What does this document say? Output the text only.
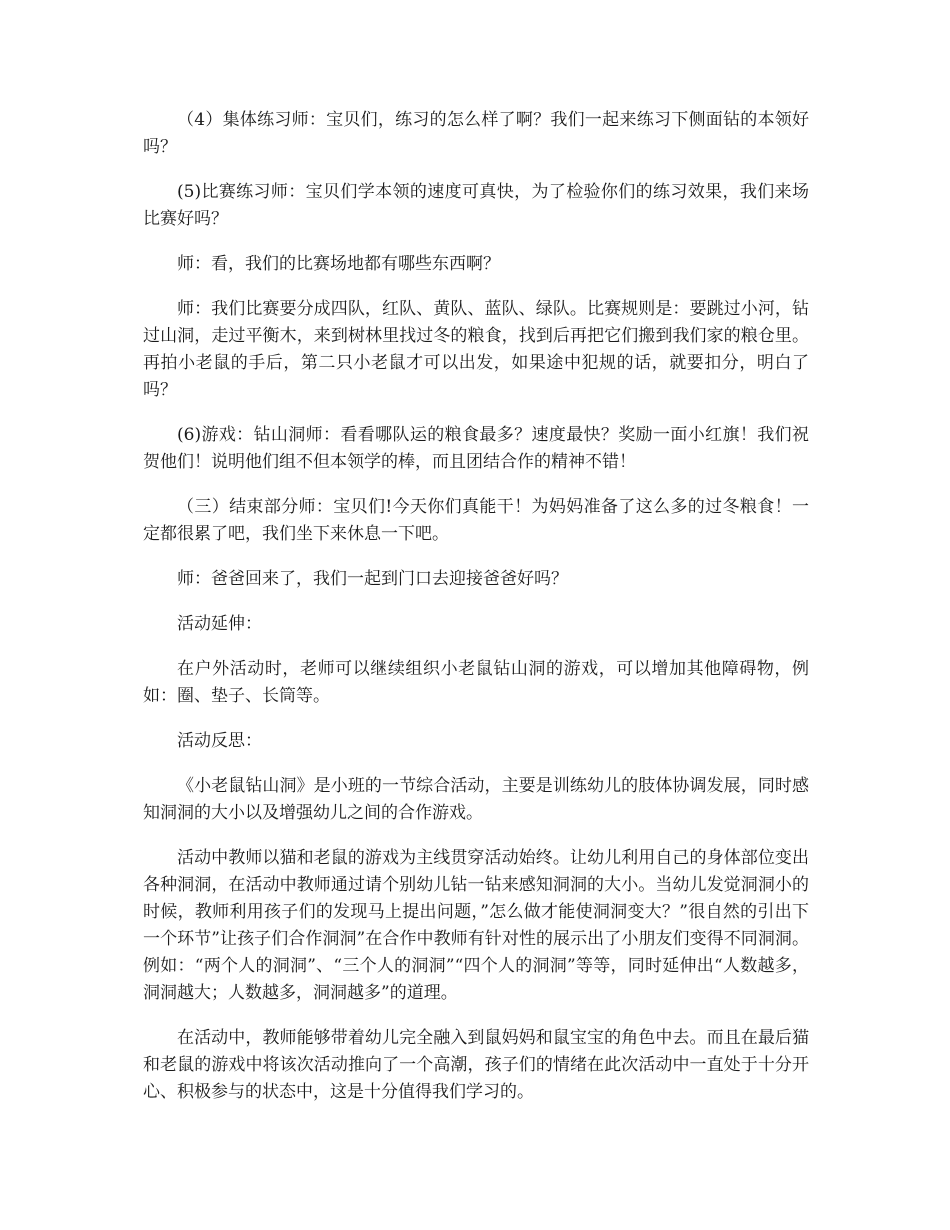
（4）集体练习师：宝贝们，练习的怎么样了啊？我们一起来练习下侧面钻的本领好吗？

(5)比赛练习师：宝贝们学本领的速度可真快，为了检验你们的练习效果，我们来场比赛好吗？

师：看，我们的比赛场地都有哪些东西啊？

师：我们比赛要分成四队，红队、黄队、蓝队、绿队。比赛规则是：要跳过小河，钻过山洞，走过平衡木，来到树林里找过冬的粮食，找到后再把它们搬到我们家的粮仓里。再拍小老鼠的手后，第二只小老鼠才可以出发，如果途中犯规的话，就要扣分，明白了吗？

(6)游戏：钻山洞师：看看哪队运的粮食最多？速度最快？奖励一面小红旗！我们祝贺他们！说明他们组不但本领学的棒，而且团结合作的精神不错！

（三）结束部分师：宝贝们!今天你们真能干！为妈妈准备了这么多的过冬粮食！一定都很累了吧，我们坐下来休息一下吧。

师：爸爸回来了，我们一起到门口去迎接爸爸好吗？

活动延伸：

在户外活动时，老师可以继续组织小老鼠钻山洞的游戏，可以增加其他障碍物，例如：圈、垫子、长筒等。

活动反思：

《小老鼠钻山洞》是小班的一节综合活动，主要是训练幼儿的肢体协调发展，同时感知洞洞的大小以及增强幼儿之间的合作游戏。

活动中教师以猫和老鼠的游戏为主线贯穿活动始终。让幼儿利用自己的身体部位变出各种洞洞，在活动中教师通过请个别幼儿钻一钻来感知洞洞的大小。当幼儿发觉洞洞小的时候，教师利用孩子们的发现马上提出问题，”怎么做才能使洞洞变大？”很自然的引出下一个环节”让孩子们合作洞洞”在合作中教师有针对性的展示出了小朋友们变得不同洞洞。例如：“两个人的洞洞”、“三个人的洞洞”“四个人的洞洞”等等，同时延伸出“人数越多，洞洞越大；人数越多，洞洞越多”的道理。

在活动中，教师能够带着幼儿完全融入到鼠妈妈和鼠宝宝的角色中去。而且在最后猫和老鼠的游戏中将该次活动推向了一个高潮，孩子们的情绪在此次活动中一直处于十分开心、积极参与的状态中，这是十分值得我们学习的。
